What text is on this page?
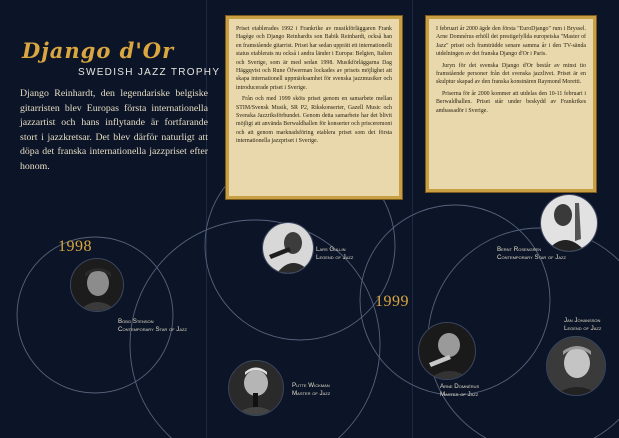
Django d'Or
SWEDISH JAZZ TROPHY

Django Reinhardt, den legendariske belgiske gitarristen blev Europas första internationella jazzartist och hans inflytande är fortfarande stort i jazzkretsar. Det blev därför naturligt att döpa det franska internationella jazzpriset efter honom.

Priset etablerades 1992 i Frankrike av musikförläggaren Frank Hagège och Django Reinhardts son Babik Reinhardt, också han en framstående gitarrist. Priset har sedan upprätt ett internationellt status etablerats nu också i andra länder i Europa: Belgien, Italien och Sverige, som är med sedan 1998. Musikförläggarna Dag Häggqvist och Rune Öfwerman lockades av prisets möjlighet att skapa internationell uppmärksamhet för svenska jazzmusiker och introducerade priset i Sverige.

Från och med 1999 sköts priset genom en samarbete mellan STIM/Svensk Musik, SR P2, Rikskonserter, Gazell Music och Svenska Jazzriksförbundet. Genom detta samarbete har det blivit möjligt att använda Berwaldhallen för konserter och prisceremoni och att genom marknadsföring etablera priset som det första internationella jazzpriset i Sverige.

I februari år 2000 ägde den första "EuroDjango" rum i Bryssel. Arne Domnérus erhöll det prestigefyllda europeiska "Master of Jazz" priset och framträdde senare samma år i den TV-sända utdelningen av det franska Django d'Or i Paris.

Juryn för det svenska Django d'Or består av minst tio framstående personer från det svenska jazzlivet. Priset är en skulptur skapad av den franska konstnären Raymond Moretti.

Priserna för år 2000 kommer att utdelas den 10-11 februari i Berwaldhallen. Priset står under beskydd av Frankrikes ambassadör i Sverige.

1998
1999
Bobo Stenson
Contemporary Star of Jazz
Lars Gullin
Legend of Jazz
Putte Wickman
Master of Jazz
Bernt Rosengren
Contemporary Star of Jazz
Arne Domnérus
Master of Jazz
Jan Johansson
Legend of Jazz
